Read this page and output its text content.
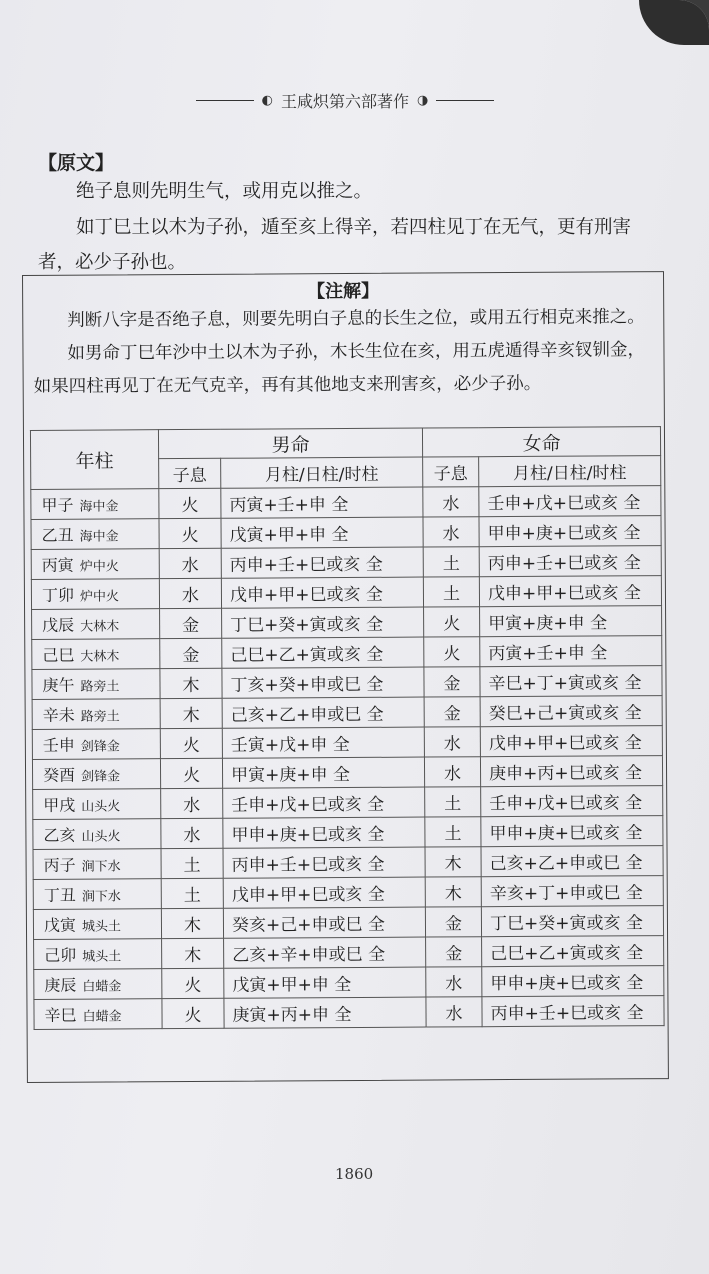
◐ 王咸炽第六部著作 ◑
【原文】

绝子息则先明生气，或用克以推之。

如丁巳土以木为子孙，遁至亥上得辛，若四柱见丁在无气，更有刑害者，必少子孙也。

【注解】

判断八字是否绝子息，则要先明白子息的长生之位，或用五行相克来推之。

如男命丁巳年沙中土以木为子孙，木长生位在亥，用五虎遁得辛亥钗钏金，如果四柱再见丁在无气克辛，再有其他地支来刑害亥，必少子孙。

年柱	男命		女命	
	子息	月柱/日柱/时柱	子息	月柱/日柱/时柱
甲子 海中金	火	丙寅+壬+申 全	水	壬申+戊+巳或亥 全
乙丑 海中金	火	戊寅+甲+申 全	水	甲申+庚+巳或亥 全
丙寅 炉中火	水	丙申+壬+巳或亥 全	土	丙申+壬+巳或亥 全
丁卯 炉中火	水	戊申+甲+巳或亥 全	土	戊申+甲+巳或亥 全
戊辰 大林木	金	丁巳+癸+寅或亥 全	火	甲寅+庚+申 全
己巳 大林木	金	己巳+乙+寅或亥 全	火	丙寅+壬+申 全
庚午 路旁土	木	丁亥+癸+申或巳 全	金	辛巳+丁+寅或亥 全
辛未 路旁土	木	己亥+乙+申或巳 全	金	癸巳+己+寅或亥 全
壬申 剑锋金	火	壬寅+戊+申 全	水	戊申+甲+巳或亥 全
癸酉 剑锋金	火	甲寅+庚+申 全	水	庚申+丙+巳或亥 全
甲戌 山头火	水	壬申+戊+巳或亥 全	土	壬申+戊+巳或亥 全
乙亥 山头火	水	甲申+庚+巳或亥 全	土	甲申+庚+巳或亥 全
丙子 涧下水	土	丙申+壬+巳或亥 全	木	己亥+乙+申或巳 全
丁丑 涧下水	土	戊申+甲+巳或亥 全	木	辛亥+丁+申或巳 全
戊寅 城头土	木	癸亥+己+申或巳 全	金	丁巳+癸+寅或亥 全
己卯 城头土	木	乙亥+辛+申或巳 全	金	己巳+乙+寅或亥 全
庚辰 白蜡金	火	戊寅+甲+申 全	水	甲申+庚+巳或亥 全
辛巳 白蜡金	火	庚寅+丙+申 全	水	丙申+壬+巳或亥 全
1860
